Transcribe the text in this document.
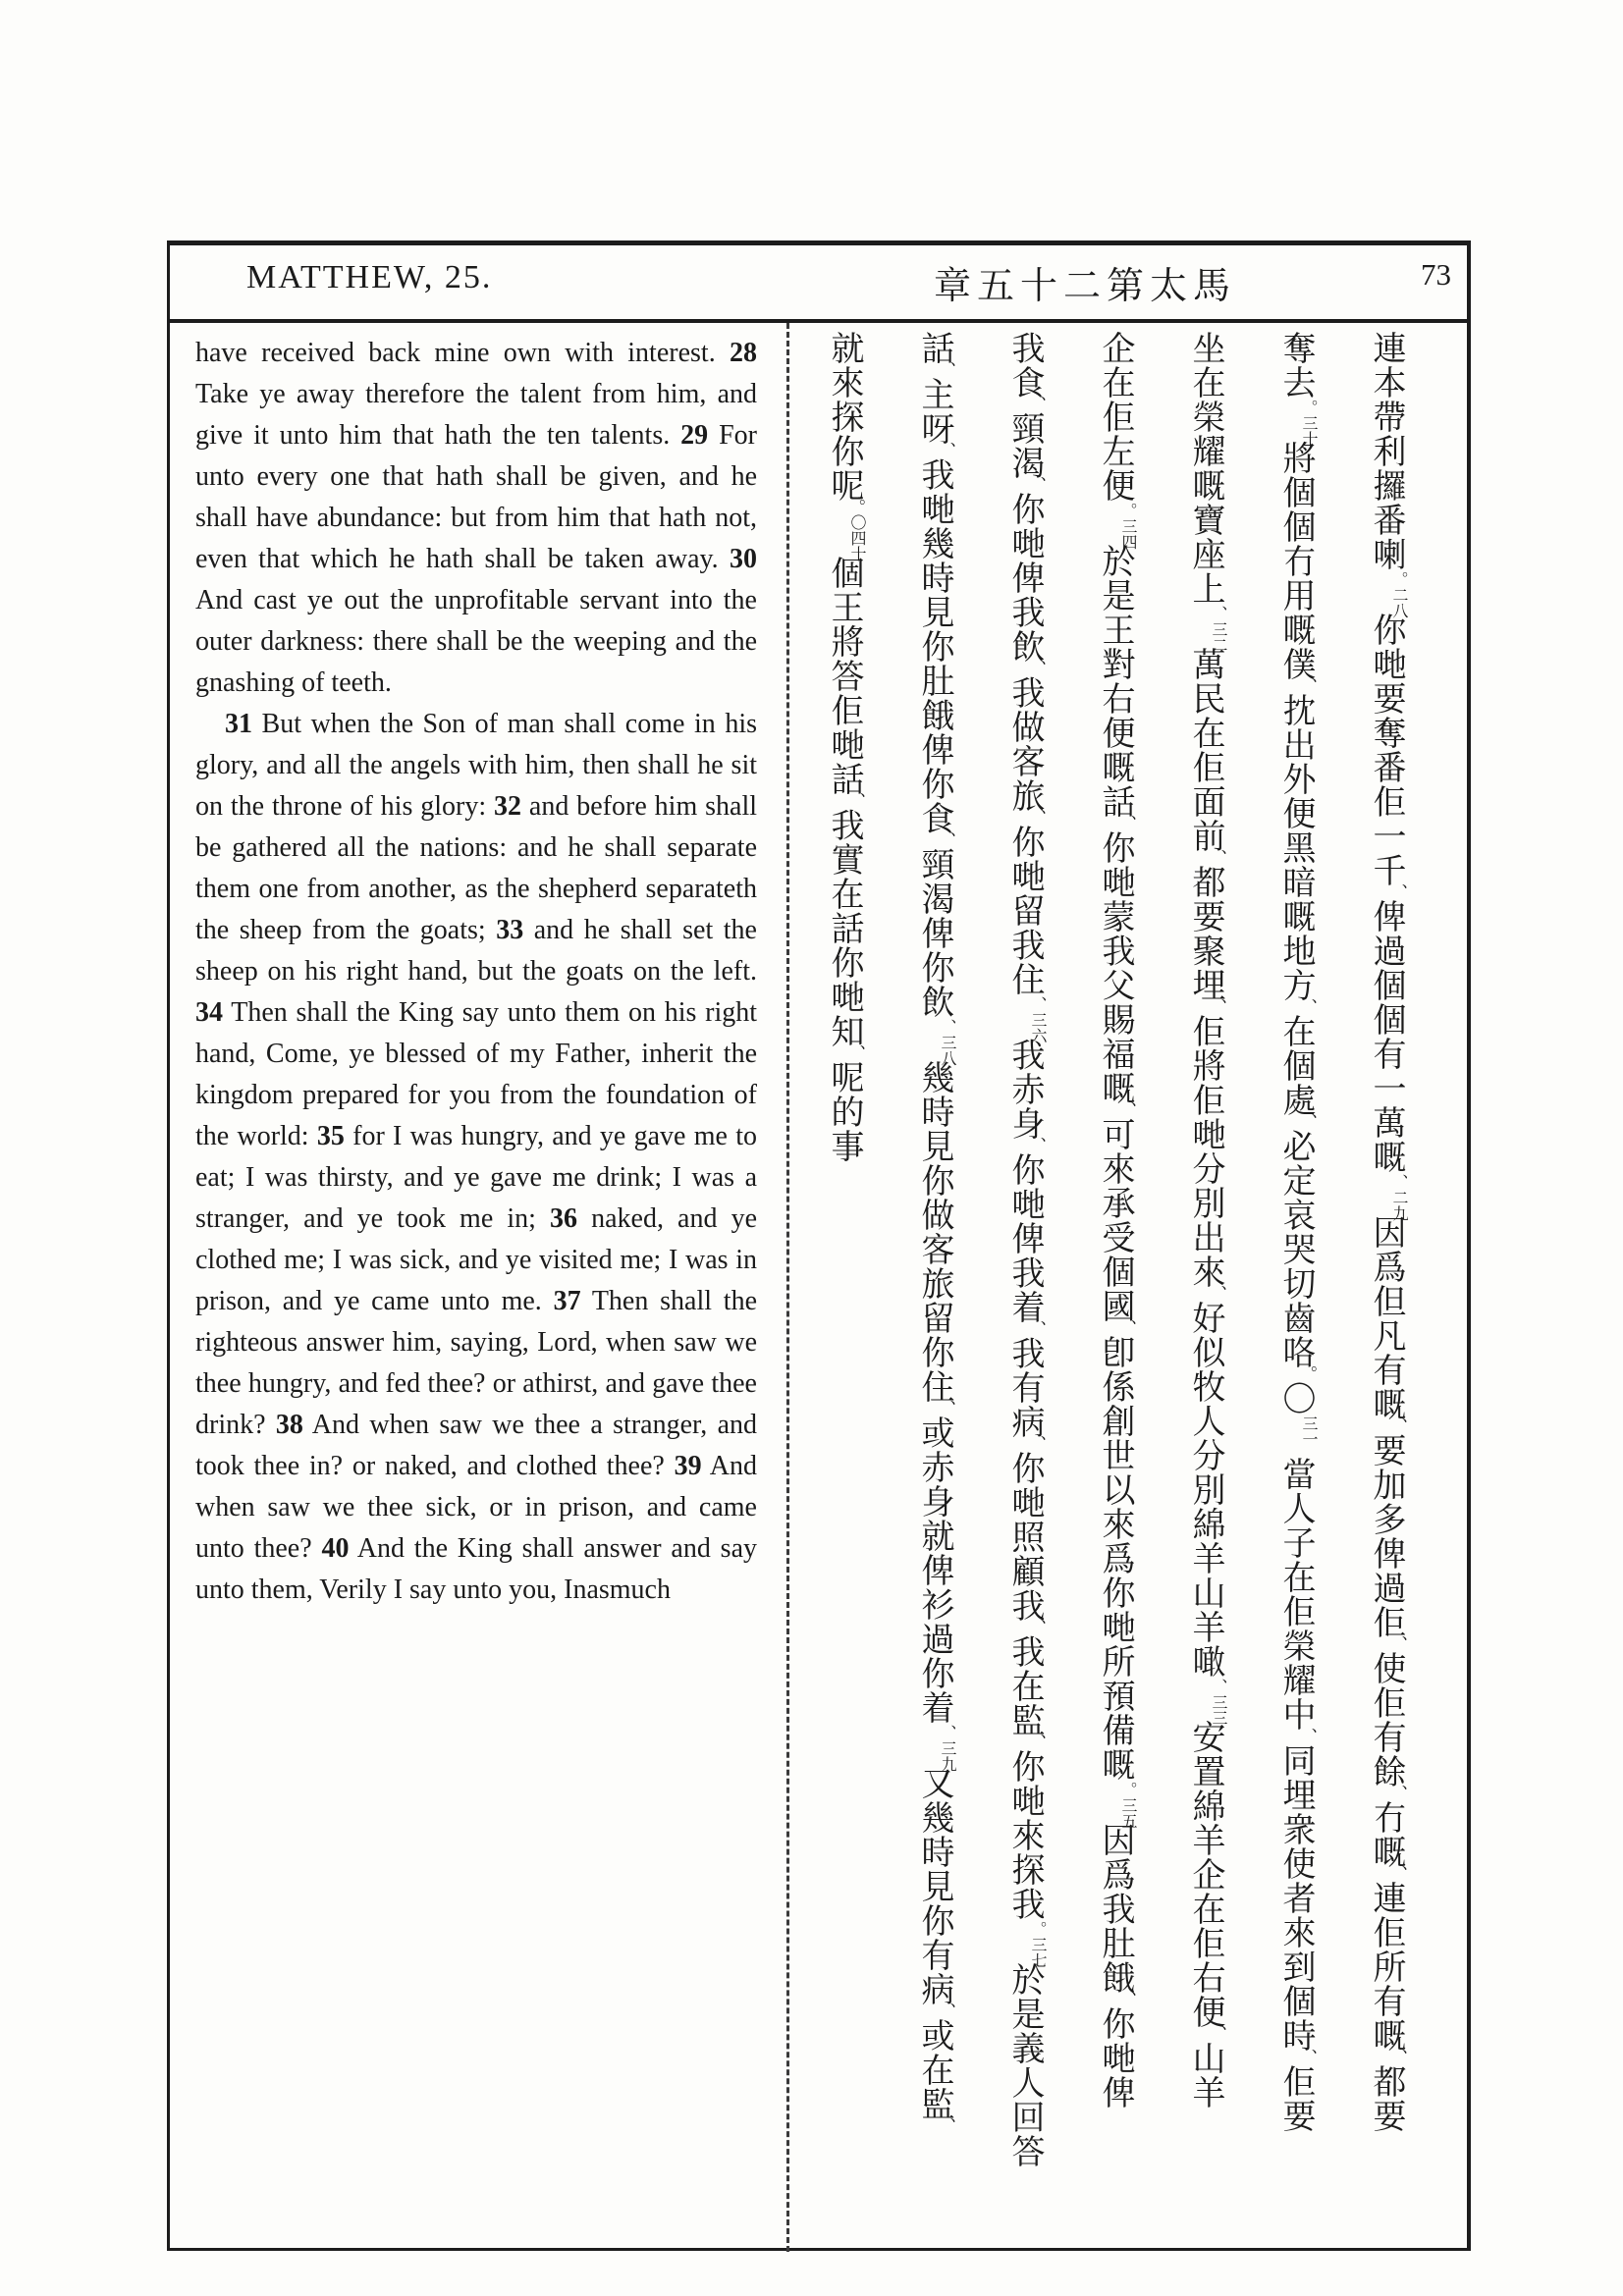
MATTHEW, 25.	章五十二第太馬	73

have received back mine own with interest. 28 Take ye away therefore the talent from him, and give it unto him that hath the ten talents. 29 For unto every one that hath shall be given, and he shall have abundance: but from him that hath not, even that which he hath shall be taken away. 30 And cast ye out the unprofitable servant into the outer darkness: there shall be the weeping and the gnashing of teeth.

31 But when the Son of man shall come in his glory, and all the angels with him, then shall he sit on the throne of his glory: 32 and before him shall be gathered all the nations: and he shall separate them one from another, as the shepherd separateth the sheep from the goats; 33 and he shall set the sheep on his right hand, but the goats on the left. 34 Then shall the King say unto them on his right hand, Come, ye blessed of my Father, inherit the kingdom prepared for you from the foundation of the world: 35 for I was hungry, and ye gave me to eat; I was thirsty, and ye gave me drink; I was a stranger, and ye took me in; 36 naked, and ye clothed me; I was sick, and ye visited me; I was in prison, and ye came unto me. 37 Then shall the righteous answer him, saying, Lord, when saw we thee hungry, and fed thee? or athirst, and gave thee drink? 38 And when saw we thee a stranger, and took thee in? or naked, and clothed thee? 39 And when saw we thee sick, or in prison, and came unto thee? 40 And the King shall answer and say unto them, Verily I say unto you, Inasmuch

連本帶利攞番喇。二八你哋要奪番佢一千、俾過個個有一萬嘅、二九因爲但凡有嘅、要加多俾過佢、使佢有餘、冇嘅、連佢所有嘅、都要
奪去。三十將個個冇用嘅僕、抌出外便黑暗嘅地方、在個處、必定哀哭切齒咯。〇三一當人子在佢榮耀中、同埋衆使者來到個時、佢要
坐在榮耀嘅寶座上、三二萬民在佢面前、都要聚埋、佢將佢哋分別出來、好似牧人分別綿羊山羊噉、三三安置綿羊企在佢右便、山羊
企在佢左便。三四於是王對右便嘅話、你哋蒙我父賜福嘅、可來承受個國、卽係創世以來爲你哋所預備嘅。三五因爲我肚餓、你哋俾
我食、頸渴、你哋俾我飲、我做客旅、你哋留我住、三六我赤身、你哋俾我着、我有病、你哋照顧我、我在監、你哋來探我。三七於是義人回答
話、主呀、我哋幾時見你肚餓俾你食、頸渴俾你飲、三八幾時見你做客旅留你住、或赤身就俾衫過你着、三九又幾時見你有病、或在監、
就來探你呢。〇四十個王將答佢哋話、我實在話你哋知、呢的事
